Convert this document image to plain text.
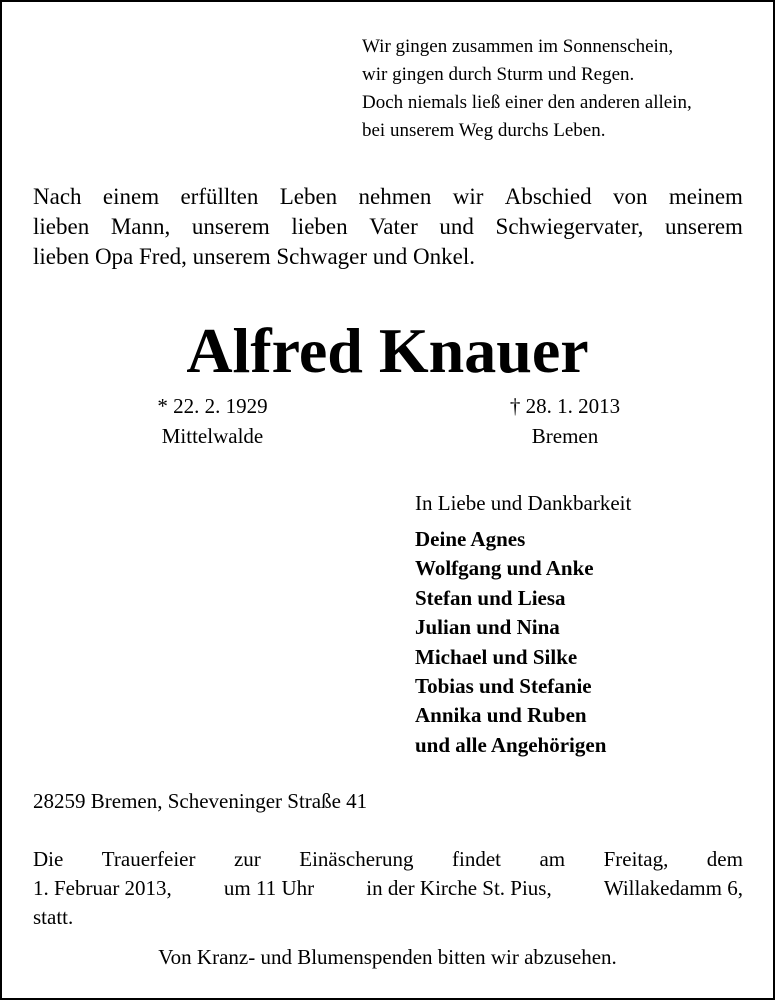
Wir gingen zusammen im Sonnenschein,
wir gingen durch Sturm und Regen.
Doch niemals ließ einer den anderen allein,
bei unserem Weg durchs Leben.
Nach einem erfüllten Leben nehmen wir Abschied von meinem
lieben Mann, unserem lieben Vater und Schwiegervater, unserem
lieben Opa Fred, unserem Schwager und Onkel.
Alfred Knauer
* 22. 2. 1929
Mittelwalde
† 28. 1. 2013
Bremen
In Liebe und Dankbarkeit
Deine Agnes
Wolfgang und Anke
Stefan und Liesa
Julian und Nina
Michael und Silke
Tobias und Stefanie
Annika und Ruben
und alle Angehörigen
28259 Bremen, Scheveninger Straße 41
Die Trauerfeier zur Einäscherung findet am Freitag, dem
1. Februar 2013, um 11 Uhr in der Kirche St. Pius, Willakedamm 6,
statt.
Von Kranz- und Blumenspenden bitten wir abzusehen.
